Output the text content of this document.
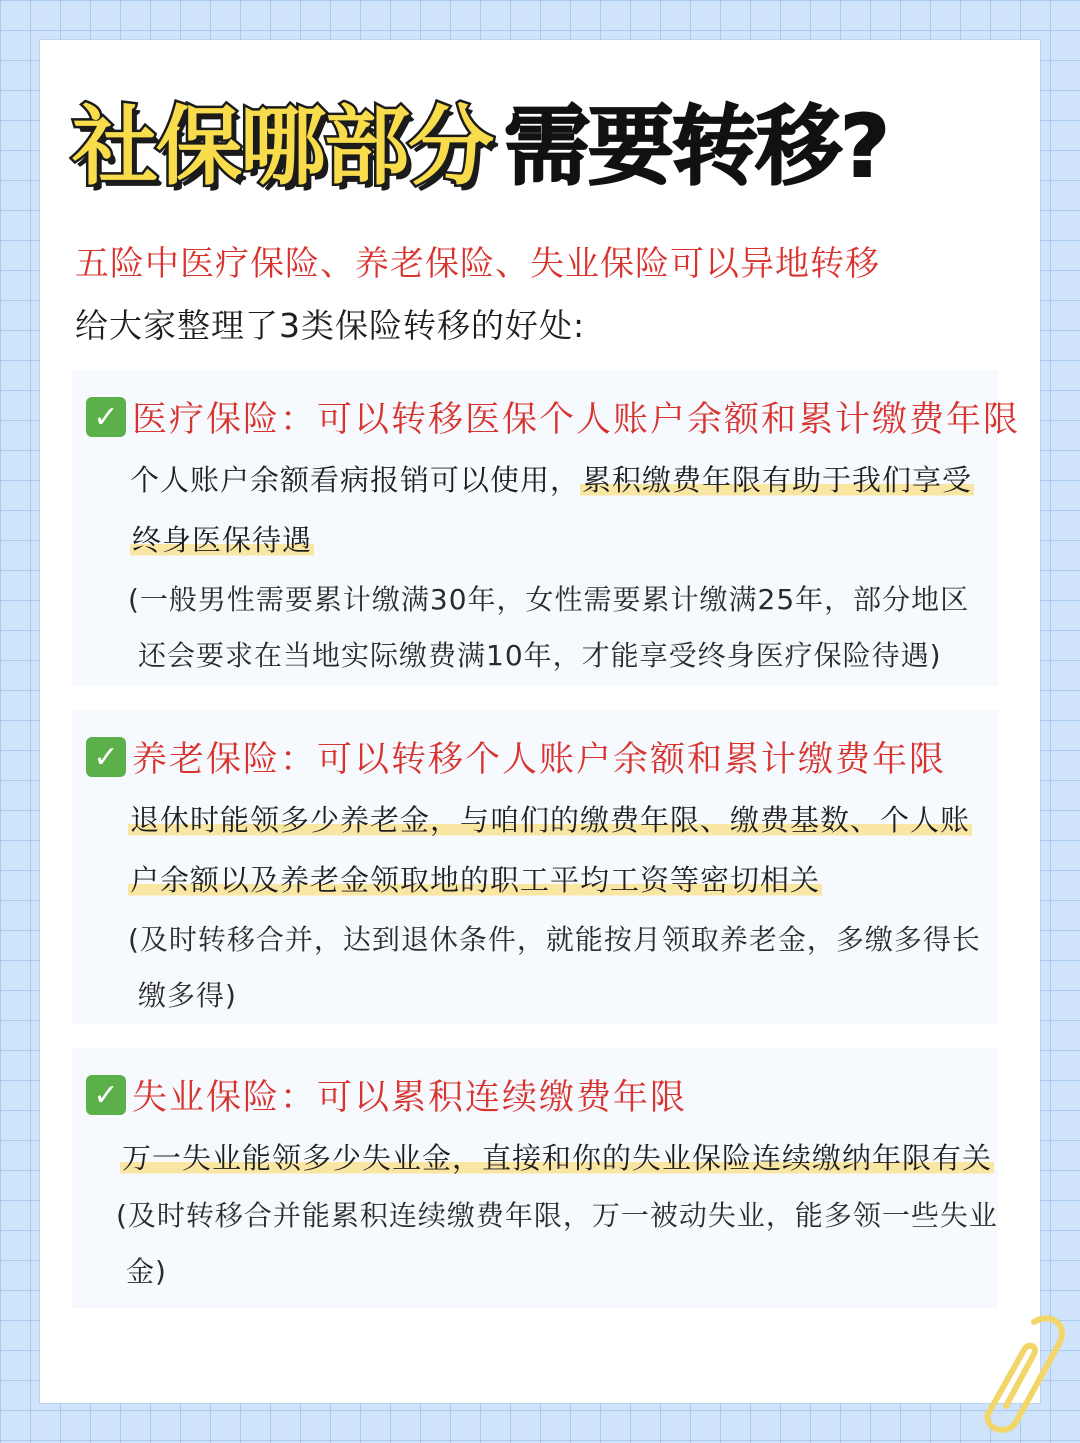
社保哪部分 需要转移?
五险中医疗保险、养老保险、失业保险可以异地转移
给大家整理了3类保险转移的好处:
✓ 医疗保险：可以转移医保个人账户余额和累计缴费年限
个人账户余额看病报销可以使用，累积缴费年限有助于我们享受
终身医保待遇
(一般男性需要累计缴满30年，女性需要累计缴满25年，部分地区
还会要求在当地实际缴费满10年，才能享受终身医疗保险待遇)
✓ 养老保险：可以转移个人账户余额和累计缴费年限
退休时能领多少养老金，与咱们的缴费年限、缴费基数、个人账
户余额以及养老金领取地的职工平均工资等密切相关
(及时转移合并，达到退休条件，就能按月领取养老金，多缴多得长
缴多得)
✓ 失业保险：可以累积连续缴费年限
万一失业能领多少失业金，直接和你的失业保险连续缴纳年限有关
(及时转移合并能累积连续缴费年限，万一被动失业，能多领一些失业
金)
